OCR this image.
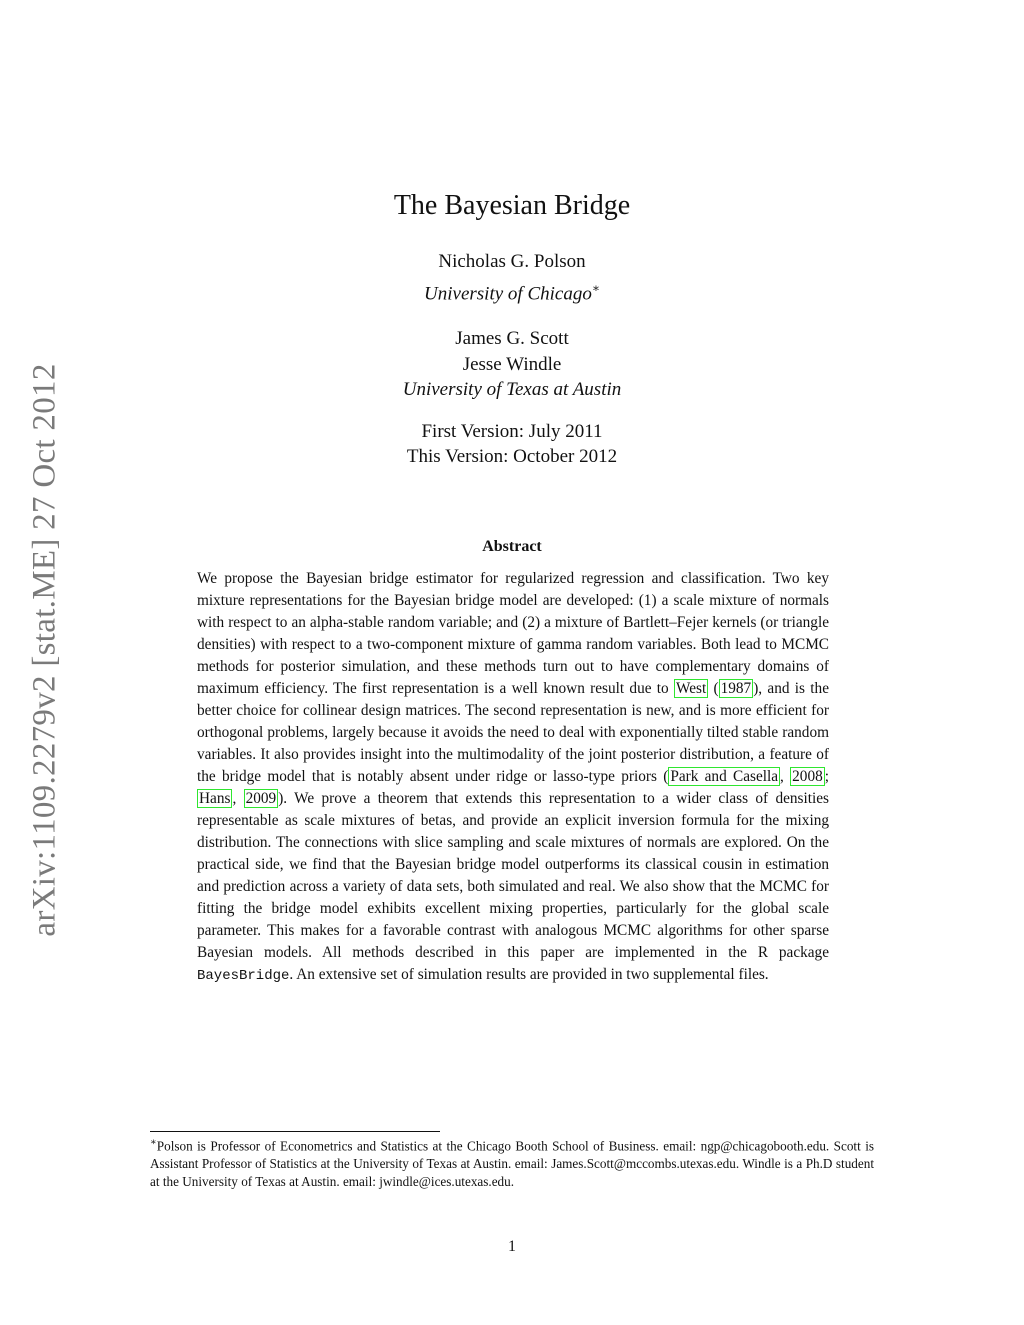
arXiv:1109.2279v2 [stat.ME] 27 Oct 2012
The Bayesian Bridge
Nicholas G. Polson
University of Chicago∗
James G. Scott
Jesse Windle
University of Texas at Austin
First Version: July 2011
This Version: October 2012
Abstract
We propose the Bayesian bridge estimator for regularized regression and classification. Two key mixture representations for the Bayesian bridge model are developed: (1) a scale mixture of normals with respect to an alpha-stable random variable; and (2) a mixture of Bartlett–Fejer kernels (or triangle densities) with respect to a two-component mixture of gamma random variables. Both lead to MCMC methods for posterior simulation, and these methods turn out to have complementary domains of maximum efficiency. The first representation is a well known result due to West ( 1987 ), and is the better choice for collinear design matrices. The second representation is new, and is more efficient for orthogonal problems, largely because it avoids the need to deal with exponentially tilted stable random variables. It also provides insight into the multimodality of the joint posterior distribution, a feature of the bridge model that is notably absent under ridge or lasso-type priors ( Park and Casella , 2008 ; Hans , 2009 ). We prove a theorem that extends this representation to a wider class of densities representable as scale mixtures of betas, and provide an explicit inversion formula for the mixing distribution. The connections with slice sampling and scale mixtures of normals are explored. On the practical side, we find that the Bayesian bridge model outperforms its classical cousin in estimation and prediction across a variety of data sets, both simulated and real. We also show that the MCMC for fitting the bridge model exhibits excellent mixing properties, particularly for the global scale parameter. This makes for a favorable contrast with analogous MCMC algorithms for other sparse Bayesian models. All methods described in this paper are implemented in the R package BayesBridge. An extensive set of simulation results are provided in two supplemental files.
∗Polson is Professor of Econometrics and Statistics at the Chicago Booth School of Business. email: ngp@chicagobooth.edu. Scott is Assistant Professor of Statistics at the University of Texas at Austin. email: James.Scott@mccombs.utexas.edu. Windle is a Ph.D student at the University of Texas at Austin. email: jwindle@ices.utexas.edu.
1
